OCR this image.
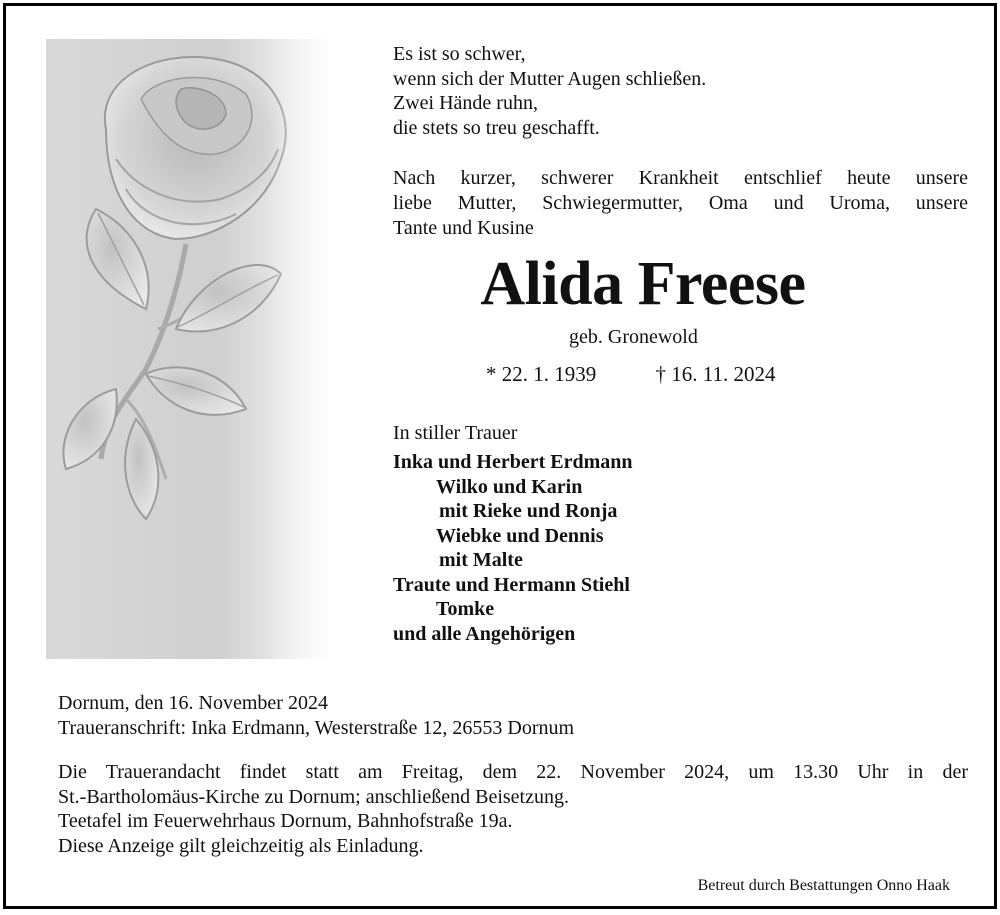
Es ist so schwer,
wenn sich der Mutter Augen schließen.
Zwei Hände ruhn,
die stets so treu geschafft.
Nach kurzer, schwerer Krankheit entschlief heute unsere
liebe Mutter, Schwiegermutter, Oma und Uroma, unsere
Tante und Kusine
Alida Freese
geb. Gronewold
* 22. 1. 1939	† 16. 11. 2024
In stiller Trauer
Inka und Herbert Erdmann
Wilko und Karin
mit Rieke und Ronja
Wiebke und Dennis
mit Malte
Traute und Hermann Stiehl
Tomke
und alle Angehörigen
Dornum, den 16. November 2024
Traueranschrift: Inka Erdmann, Westerstraße 12, 26553 Dornum
Die Trauerandacht findet statt am Freitag, dem 22. November 2024, um 13.30 Uhr in der
St.-Bartholomäus-Kirche zu Dornum; anschließend Beisetzung.
Teetafel im Feuerwehrhaus Dornum, Bahnhofstraße 19a.
Diese Anzeige gilt gleichzeitig als Einladung.
Betreut durch Bestattungen Onno Haak
